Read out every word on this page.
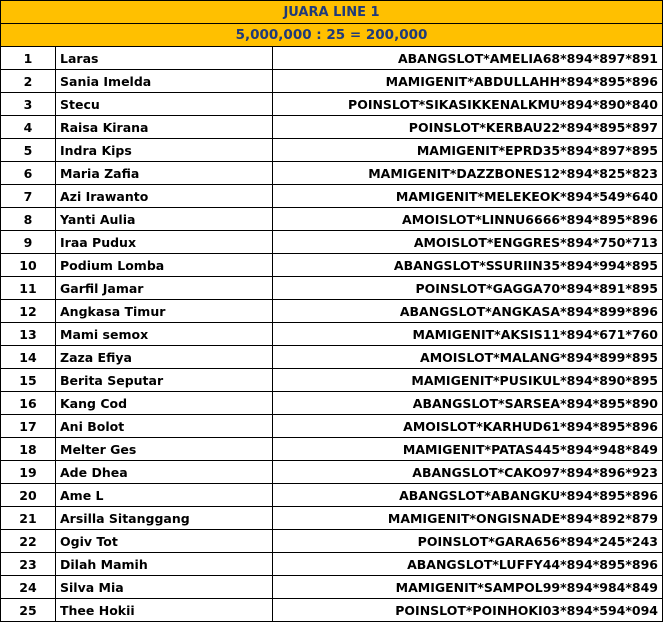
JUARA LINE 1		
5,000,000 : 25 = 200,000		
1	Laras	ABANGSLOT*AMELIA68*894*897*891
2	Sania Imelda	MAMIGENIT*ABDULLAHH*894*895*896
3	Stecu	POINSLOT*SIKASIKKENALKMU*894*890*840
4	Raisa Kirana	POINSLOT*KERBAU22*894*895*897
5	Indra Kips	MAMIGENIT*EPRD35*894*897*895
6	Maria Zafia	MAMIGENIT*DAZZBONES12*894*825*823
7	Azi Irawanto	MAMIGENIT*MELEKEOK*894*549*640
8	Yanti Aulia	AMOISLOT*LINNU6666*894*895*896
9	Iraa Pudux	AMOISLOT*ENGGRES*894*750*713
10	Podium Lomba	ABANGSLOT*SSURIIN35*894*994*895
11	Garfil Jamar	POINSLOT*GAGGA70*894*891*895
12	Angkasa Timur	ABANGSLOT*ANGKASA*894*899*896
13	Mami semox	MAMIGENIT*AKSIS11*894*671*760
14	Zaza Efiya	AMOISLOT*MALANG*894*899*895
15	Berita Seputar	MAMIGENIT*PUSIKUL*894*890*895
16	Kang Cod	ABANGSLOT*SARSEA*894*895*890
17	Ani Bolot	AMOISLOT*KARHUD61*894*895*896
18	Melter Ges	MAMIGENIT*PATAS445*894*948*849
19	Ade Dhea	ABANGSLOT*CAKO97*894*896*923
20	Ame L	ABANGSLOT*ABANGKU*894*895*896
21	Arsilla Sitanggang	MAMIGENIT*ONGISNADE*894*892*879
22	Ogiv Tot	POINSLOT*GARA656*894*245*243
23	Dilah Mamih	ABANGSLOT*LUFFY44*894*895*896
24	Silva Mia	MAMIGENIT*SAMPOL99*894*984*849
25	Thee Hokii	POINSLOT*POINHOKI03*894*594*094
